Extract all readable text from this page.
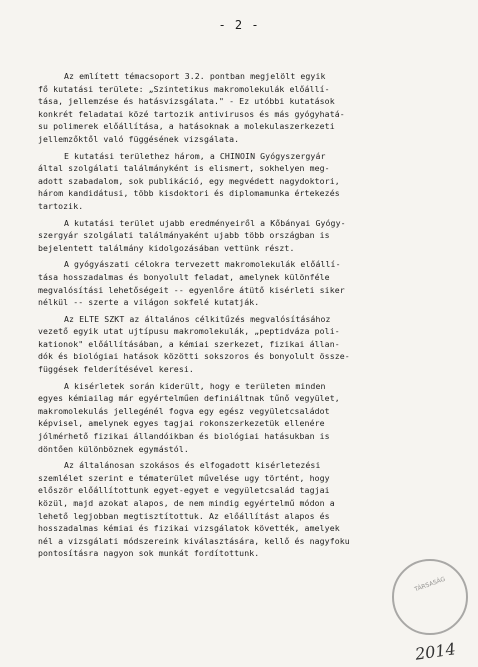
- 2 -
Az említett témacsoport 3.2. pontban megjelölt egyik
fő kutatási területe: „Szintetikus makromolekulák előállí-
tása, jellemzése és hatásvizsgálata." - Ez utóbbi kutatások
konkrét feladatai közé tartozik antivirusos és más gyógyhatá-
su polimerek előállítása, a hatásoknak a molekulaszerkezeti
jellemzőktől való függésének vizsgálata.
E kutatási területhez három, a CHINOIN Gyógyszergyár
által szolgálati találmányként is elismert, sokhelyen meg-
adott szabadalom, sok publikáció, egy megvédett nagydoktori,
három kandidátusi, több kisdoktori és diplomamunka értekezés
tartozik.
A kutatási terület ujabb eredményeiről a Kőbányai Gyógy-
szergyár szolgálati találmányaként ujabb több országban is
bejelentett találmány kidolgozásában vettünk részt.
A gyógyászati célokra tervezett makromolekulák előállí-
tása hosszadalmas és bonyolult feladat, amelynek különféle
megvalósítási lehetőségeit -- egyenlőre átütő kisérleti siker
nélkül -- szerte a világon sokfelé kutatják.
Az ELTE SZKT az általános célkitűzés megvalósításához
vezető egyik utat ujtípusu makromolekulák, „peptidváza poli-
kationok" előállításában, a kémiai szerkezet, fizikai állan-
dók és biológiai hatások közötti sokszoros és bonyolult össze-
függések felderítésével keresi.
A kisérletek során kiderült, hogy e területen minden
egyes kémiailag már egyértelműen definiáltnak tűnő vegyület,
makromolekulás jellegénél fogva egy egész vegyületcsaládot
képvisel, amelynek egyes tagjai rokonszerkezetük ellenére
jólmérhető fizikai állandóikban és biológiai hatásukban is
döntően különböznek egymástól.
Az általánosan szokásos és elfogadott kisérletezési
szemlélet szerint e tématerület művelése ugy történt, hogy
először előállítottunk egyet-egyet e vegyületcsalád tagjai
közül, majd azokat alapos, de nem mindig egyértelmű módon a
lehető legjobban megtisztítottuk. Az előállítást alapos és
hosszadalmas kémiai és fizikai vizsgálatok követték, amelyek
nél a vizsgálati módszereink kiválasztására, kellő és nagyfoku
pontosításra nagyon sok munkát fordítottunk.
TÁRSASÁG
2014
